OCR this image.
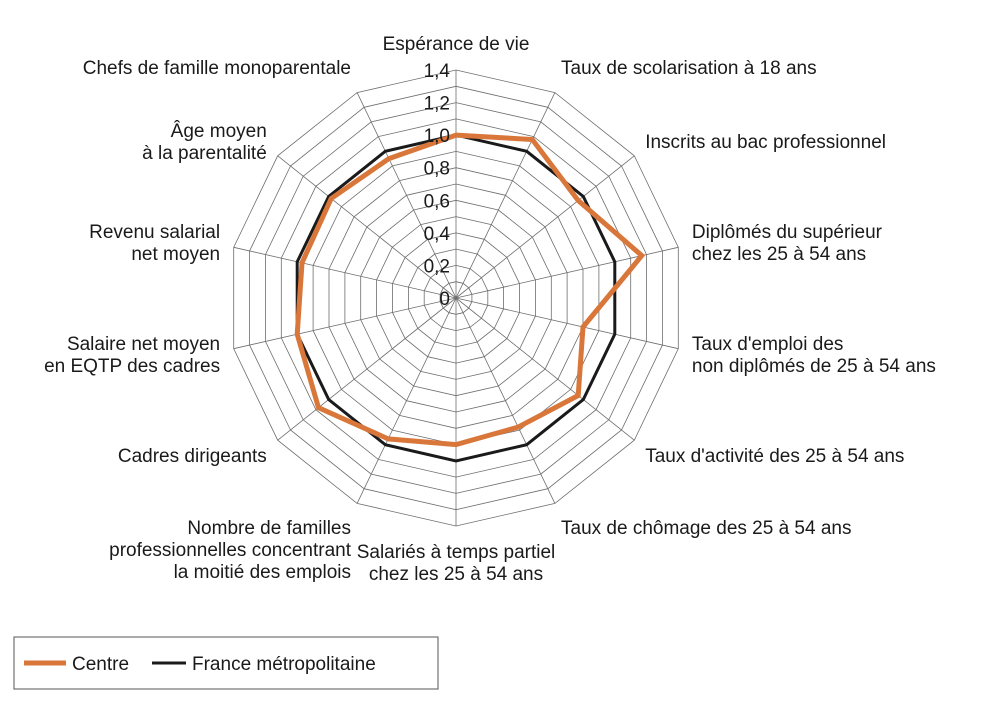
0
0,2
0,4
0,6
0,8
1,0
1,2
1,4
Espérance de vie
Taux de scolarisation à 18 ans
Inscrits au bac professionnel
Diplômés du supérieur chez les 25 à 54 ans
Taux d'emploi des non diplômés de 25 à 54 ans
Taux d'activité des 25 à 54 ans
Taux de chômage des 25 à 54 ans
Salariés à temps partiel chez les 25 à 54 ans
Nombre de familles professionnelles concentrant la moitié des emplois
Cadres dirigeants
Salaire net moyen en EQTP des cadres
Revenu salarial net moyen
Âge moyen à la parentalité
Chefs de famille monoparentale
Centre	France métropolitaine
